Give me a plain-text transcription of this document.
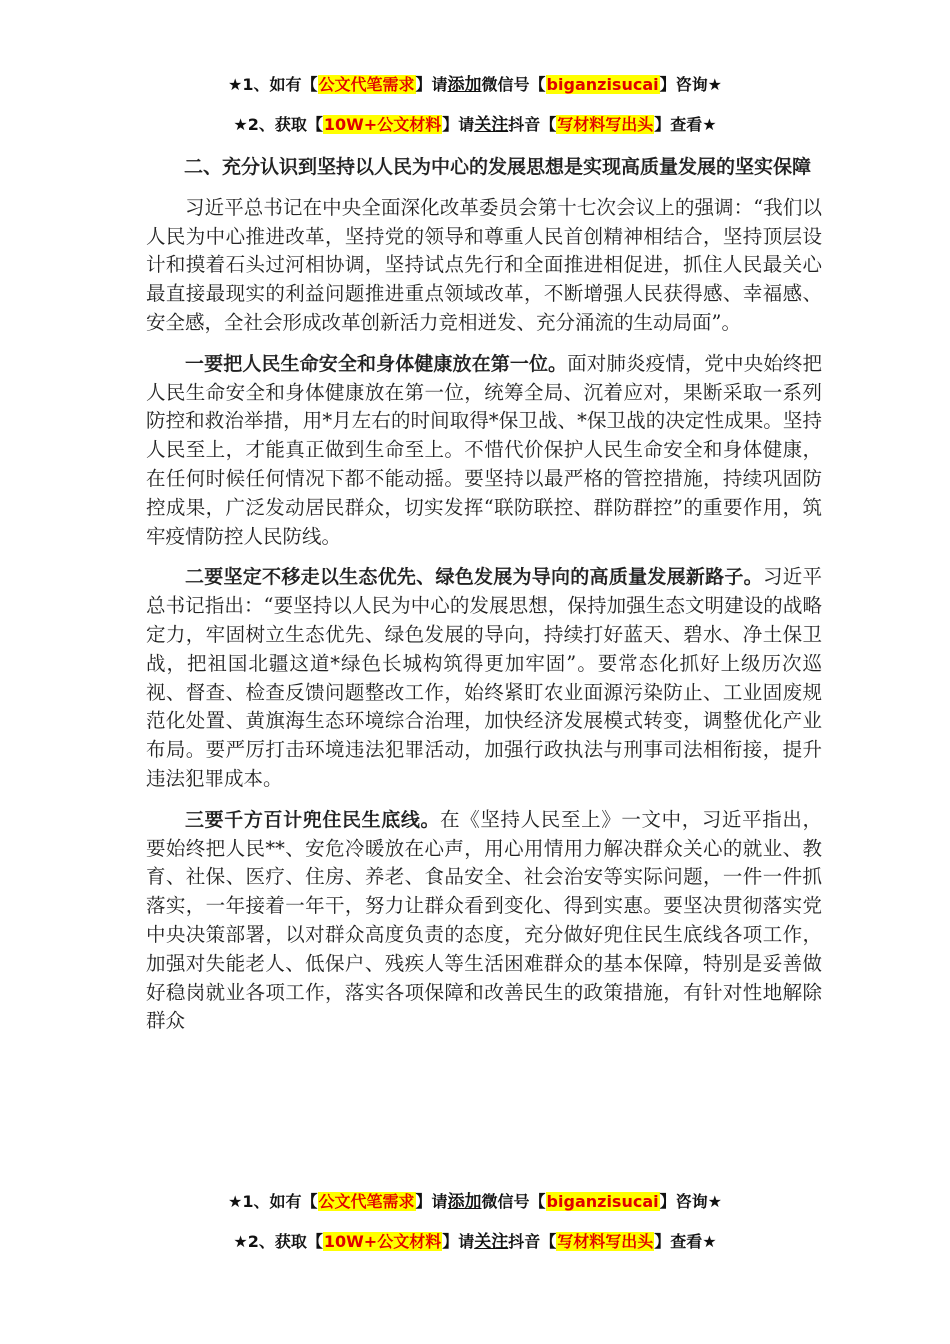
★1、如有【公文代笔需求】请添加微信号【biganzisucai】咨询★
★2、获取【10W+公文材料】请关注抖音【写材料写出头】查看★

二、充分认识到坚持以人民为中心的发展思想是实现高质量发展的坚实保障

习近平总书记在中央全面深化改革委员会第十七次会议上的强调：“我们以人民为中心推进改革，坚持党的领导和尊重人民首创精神相结合，坚持顶层设计和摸着石头过河相协调，坚持试点先行和全面推进相促进，抓住人民最关心最直接最现实的利益问题推进重点领域改革，不断增强人民获得感、幸福感、安全感，全社会形成改革创新活力竞相迸发、充分涌流的生动局面”。

一要把人民生命安全和身体健康放在第一位。面对肺炎疫情，党中央始终把人民生命安全和身体健康放在第一位，统筹全局、沉着应对，果断采取一系列防控和救治举措，用*月左右的时间取得*保卫战、*保卫战的决定性成果。坚持人民至上，才能真正做到生命至上。不惜代价保护人民生命安全和身体健康，在任何时候任何情况下都不能动摇。要坚持以最严格的管控措施，持续巩固防控成果，广泛发动居民群众，切实发挥“联防联控、群防群控”的重要作用，筑牢疫情防控人民防线。

二要坚定不移走以生态优先、绿色发展为导向的高质量发展新路子。习近平总书记指出：“要坚持以人民为中心的发展思想，保持加强生态文明建设的战略定力，牢固树立生态优先、绿色发展的导向，持续打好蓝天、碧水、净土保卫战，把祖国北疆这道*绿色长城构筑得更加牢固”。要常态化抓好上级历次巡视、督查、检查反馈问题整改工作，始终紧盯农业面源污染防止、工业固废规范化处置、黄旗海生态环境综合治理，加快经济发展模式转变，调整优化产业布局。要严厉打击环境违法犯罪活动，加强行政执法与刑事司法相衔接，提升违法犯罪成本。

三要千方百计兜住民生底线。在《坚持人民至上》一文中，习近平指出，要始终把人民**、安危冷暖放在心声，用心用情用力解决群众关心的就业、教育、社保、医疗、住房、养老、食品安全、社会治安等实际问题，一件一件抓落实，一年接着一年干，努力让群众看到变化、得到实惠。要坚决贯彻落实党中央决策部署，以对群众高度负责的态度，充分做好兜住民生底线各项工作，加强对失能老人、低保户、残疾人等生活困难群众的基本保障，特别是妥善做好稳岗就业各项工作，落实各项保障和改善民生的政策措施，有针对性地解除群众

★1、如有【公文代笔需求】请添加微信号【biganzisucai】咨询★
★2、获取【10W+公文材料】请关注抖音【写材料写出头】查看★
